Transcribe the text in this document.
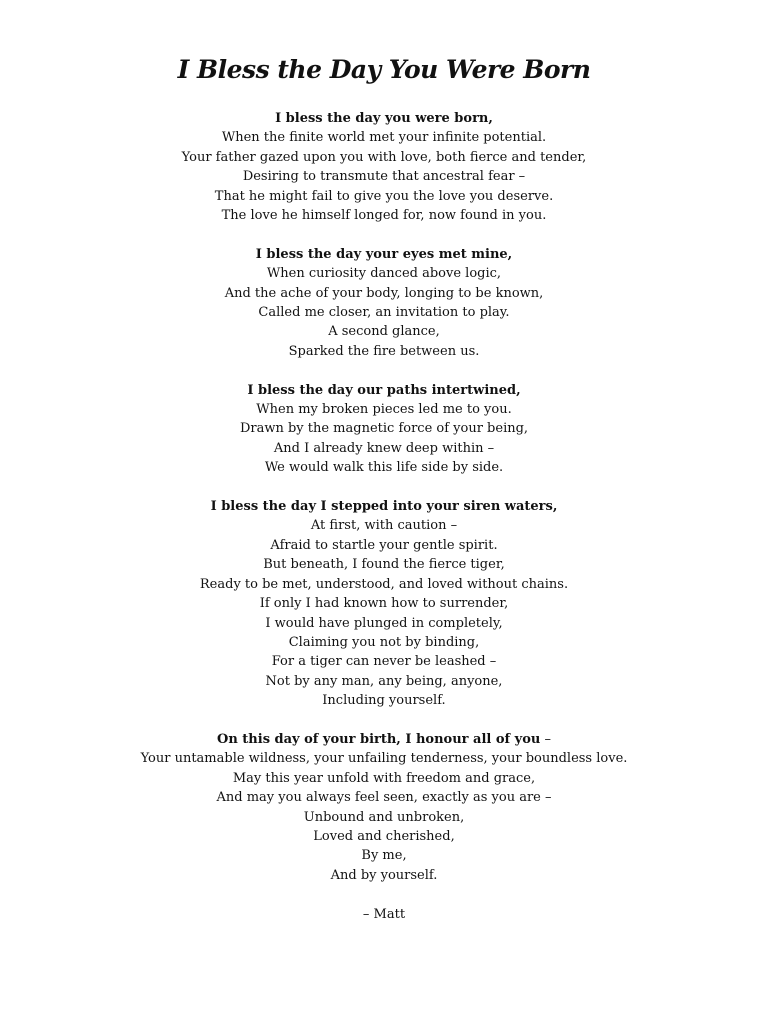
I Bless the Day You Were Born
I bless the day you were born,
When the finite world met your infinite potential.
Your father gazed upon you with love, both fierce and tender,
Desiring to transmute that ancestral fear –
That he might fail to give you the love you deserve.
The love he himself longed for, now found in you.
I bless the day your eyes met mine,
When curiosity danced above logic,
And the ache of your body, longing to be known,
Called me closer, an invitation to play.
A second glance,
Sparked the fire between us.
I bless the day our paths intertwined,
When my broken pieces led me to you.
Drawn by the magnetic force of your being,
And I already knew deep within –
We would walk this life side by side.
I bless the day I stepped into your siren waters,
At first, with caution –
Afraid to startle your gentle spirit.
But beneath, I found the fierce tiger,
Ready to be met, understood, and loved without chains.
If only I had known how to surrender,
I would have plunged in completely,
Claiming you not by binding,
For a tiger can never be leashed –
Not by any man, any being, anyone,
Including yourself.
On this day of your birth, I honour all of you –
Your untamable wildness, your unfailing tenderness, your boundless love.
May this year unfold with freedom and grace,
And may you always feel seen, exactly as you are –
Unbound and unbroken,
Loved and cherished,
By me,
And by yourself.

– Matt
